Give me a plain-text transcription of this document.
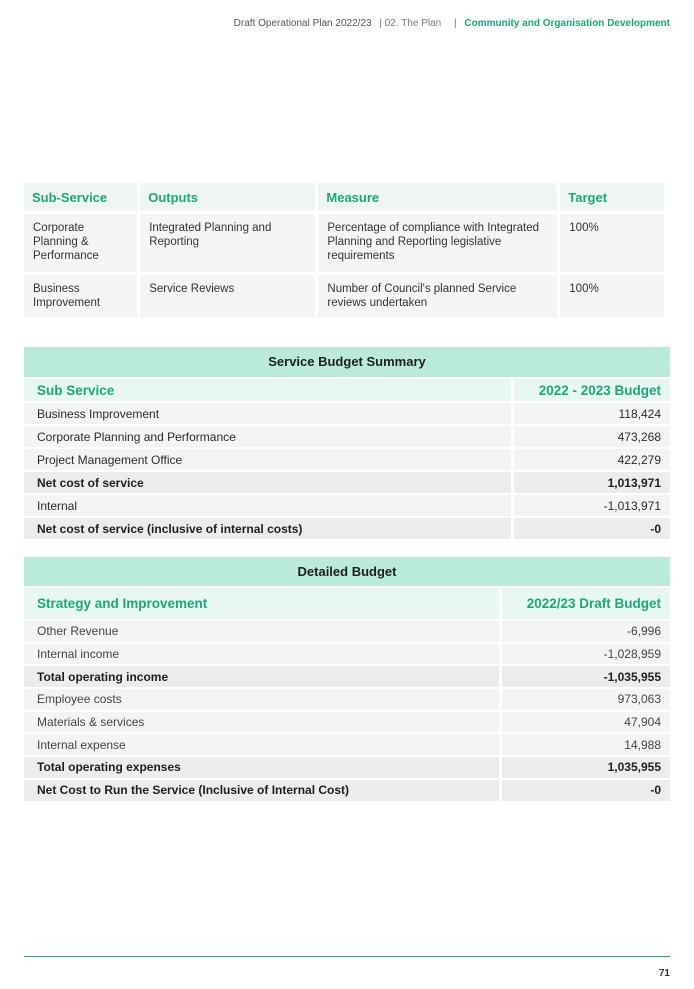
Draft Operational Plan 2022/23 | 02. The Plan | Community and Organisation Development
Sub-Service	Outputs	Measure	Target
Corporate Planning & Performance	Integrated Planning and Reporting	Percentage of compliance with Integrated Planning and Reporting legislative requirements	100%
Business Improvement	Service Reviews	Number of Council's planned Service reviews undertaken	100%
Service Budget Summary
Sub Service	2022 - 2023 Budget
Business Improvement	118,424
Corporate Planning and Performance	473,268
Project Management Office	422,279
Net cost of service	1,013,971
Internal	-1,013,971
Net cost of service (inclusive of internal costs)	-0
Detailed Budget
Strategy and Improvement	2022/23 Draft Budget
Other Revenue	-6,996
Internal income	-1,028,959
Total operating income	-1,035,955
Employee costs	973,063
Materials & services	47,904
Internal expense	14,988
Total operating expenses	1,035,955
Net Cost to Run the Service (Inclusive of Internal Cost)	-0
71
